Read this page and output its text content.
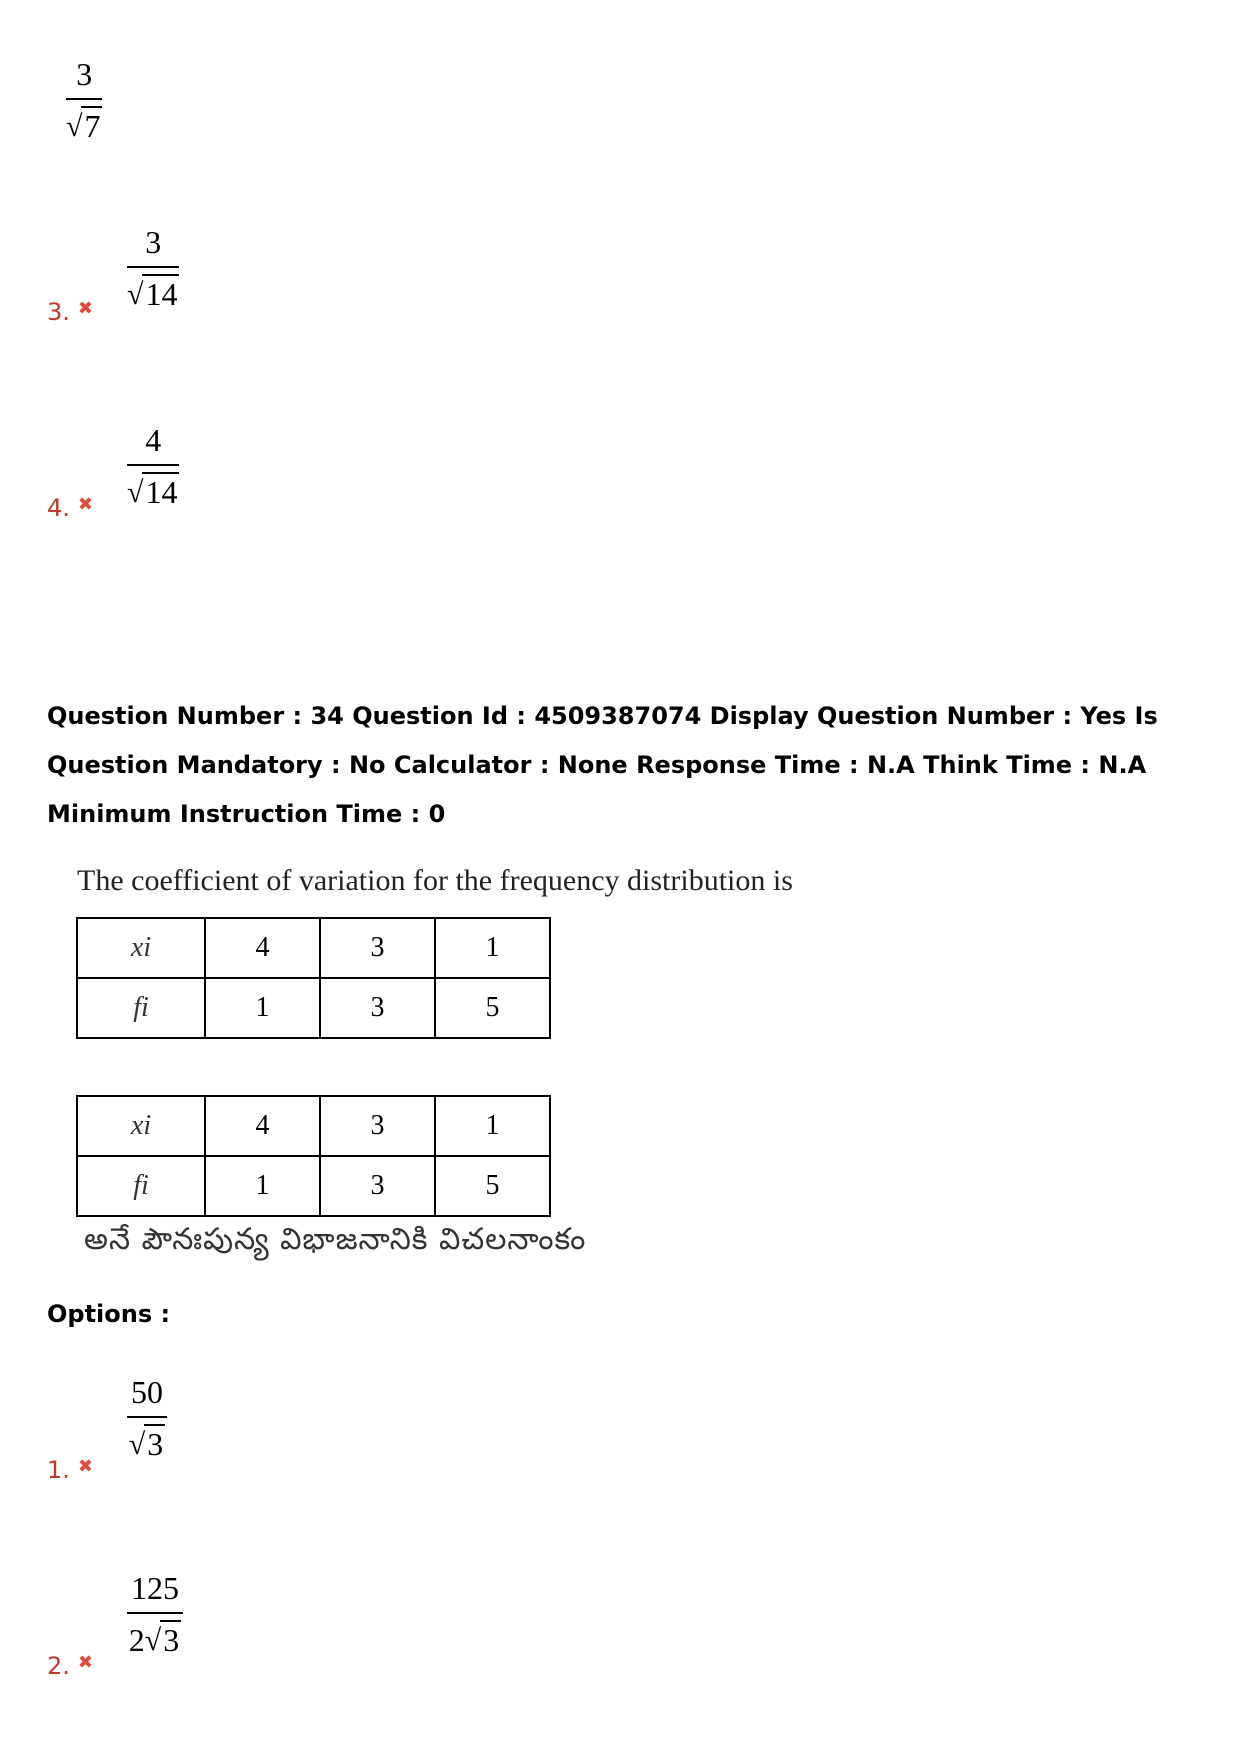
$\frac{3}{√ 7}$
3. ✖
3
√ 14
4. ✖
4
√ 14
Question Number : 34 Question Id : 4509387074 Display Question Number : Yes Is Question Mandatory : No Calculator : None Response Time : N.A Think Time : N.A Minimum Instruction Time : 0
The coefficient of variation for the frequency distribution is
xi	4	3	1
fi	1	3	5
xi	4	3	1
fi	1	3	5
అనే పౌనఃపున్య విభాజనానికి విచలనాంకం
Options :
1. ✖
50
√ 3
2. ✖
125
2 √ 3
